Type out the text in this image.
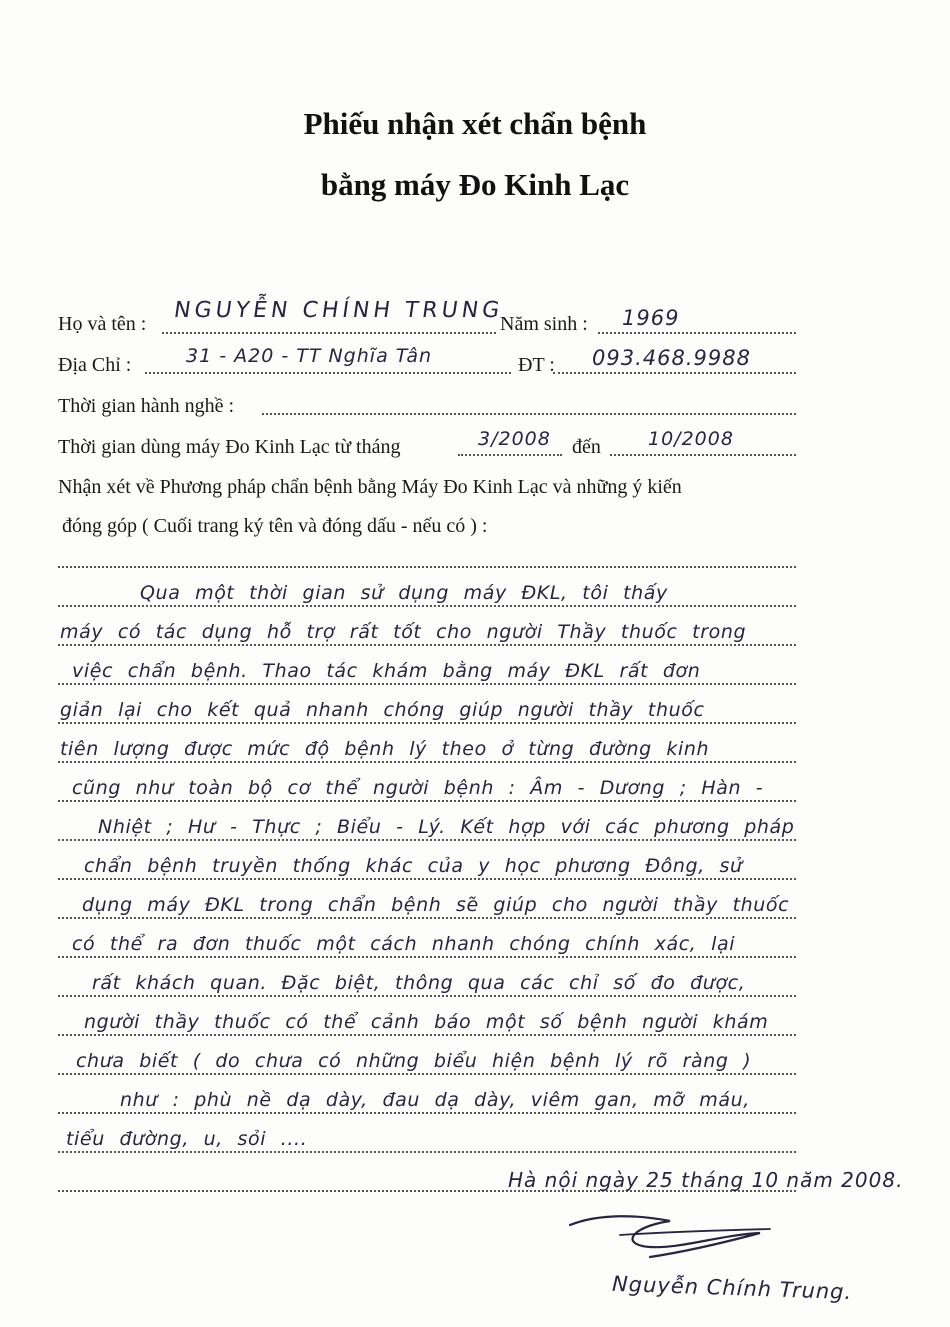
Phiếu nhận xét chẩn bệnh
bằng máy Đo Kinh Lạc
Họ và tên :
NGUYỄN CHÍNH TRUNG
Năm sinh : 1969
Địa Chỉ :	31 - A20 - TT Nghĩa Tân	ĐT : 093.468.9988
Thời gian hành nghề :
Thời gian dùng máy Đo Kinh Lạc từ tháng	3/2008 đến 10/2008
Nhận xét về Phương pháp chẩn bệnh bằng Máy Đo Kinh Lạc và những ý kiến
đóng góp ( Cuối trang ký tên và đóng dấu - nếu có ) :
Qua một thời gian sử dụng máy ĐKL, tôi thấy
máy có tác dụng hỗ trợ rất tốt cho người Thầy thuốc trong
việc chẩn bệnh. Thao tác khám bằng máy ĐKL rất đơn
giản lại cho kết quả nhanh chóng giúp người thầy thuốc
tiên lượng được mức độ bệnh lý theo ở từng đường kinh
cũng như toàn bộ cơ thể người bệnh : Âm - Dương ; Hàn -
Nhiệt ; Hư - Thực ; Biểu - Lý. Kết hợp với các phương pháp
chẩn bệnh truyền thống khác của y học phương Đông, sử
dụng máy ĐKL trong chẩn bệnh sẽ giúp cho người thầy thuốc
có thể ra đơn thuốc một cách nhanh chóng chính xác, lại
rất khách quan. Đặc biệt, thông qua các chỉ số đo được,
người thầy thuốc có thể cảnh báo một số bệnh người khám
chưa biết ( do chưa có những biểu hiện bệnh lý rõ ràng )
như : phù nề dạ dày, đau dạ dày, viêm gan, mỡ máu,
tiểu đường, u, sỏi ....
Hà nội ngày 25 tháng 10 năm 2008.
Nguyễn Chính Trung.
